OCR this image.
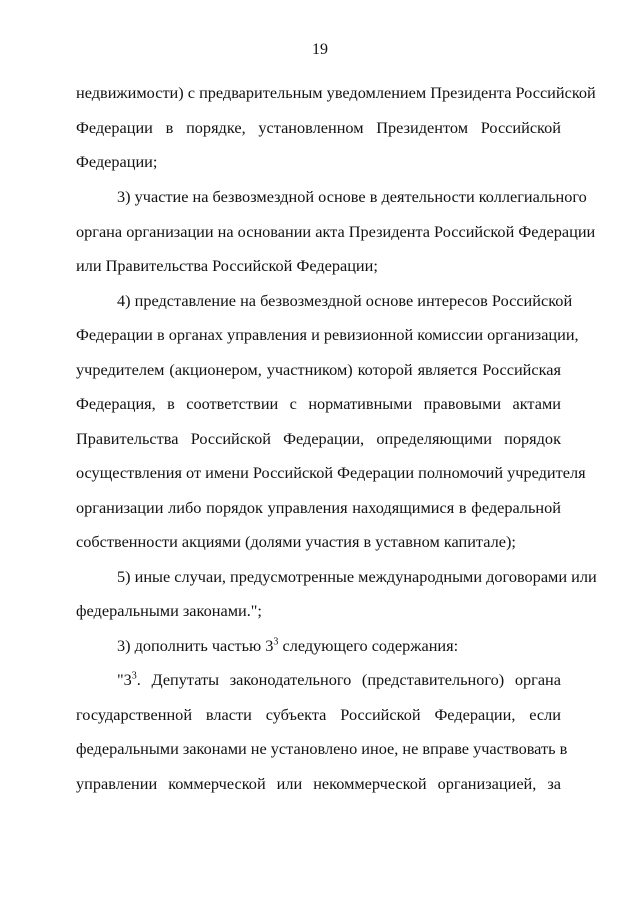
19
недвижимости) с предварительным уведомлением Президента Российской
Федерации в порядке, установленном Президентом Российской
Федерации;
3) участие на безвозмездной основе в деятельности коллегиального
органа организации на основании акта Президента Российской Федерации
или Правительства Российской Федерации;
4) представление на безвозмездной основе интересов Российской
Федерации в органах управления и ревизионной комиссии организации,
учредителем (акционером, участником) которой является Российская
Федерация, в соответствии с нормативными правовыми актами
Правительства Российской Федерации, определяющими порядок
осуществления от имени Российской Федерации полномочий учредителя
организации либо порядок управления находящимися в федеральной
собственности акциями (долями участия в уставном капитале);
5) иные случаи, предусмотренные международными договорами или
федеральными законами.";
3) дополнить частью $3^3$ следующего содержания:
"$3^3$ . Депутаты законодательного (представительного) органа
государственной власти субъекта Российской Федерации, если
федеральными законами не установлено иное, не вправе участвовать в
управлении коммерческой или некоммерческой организацией, за
